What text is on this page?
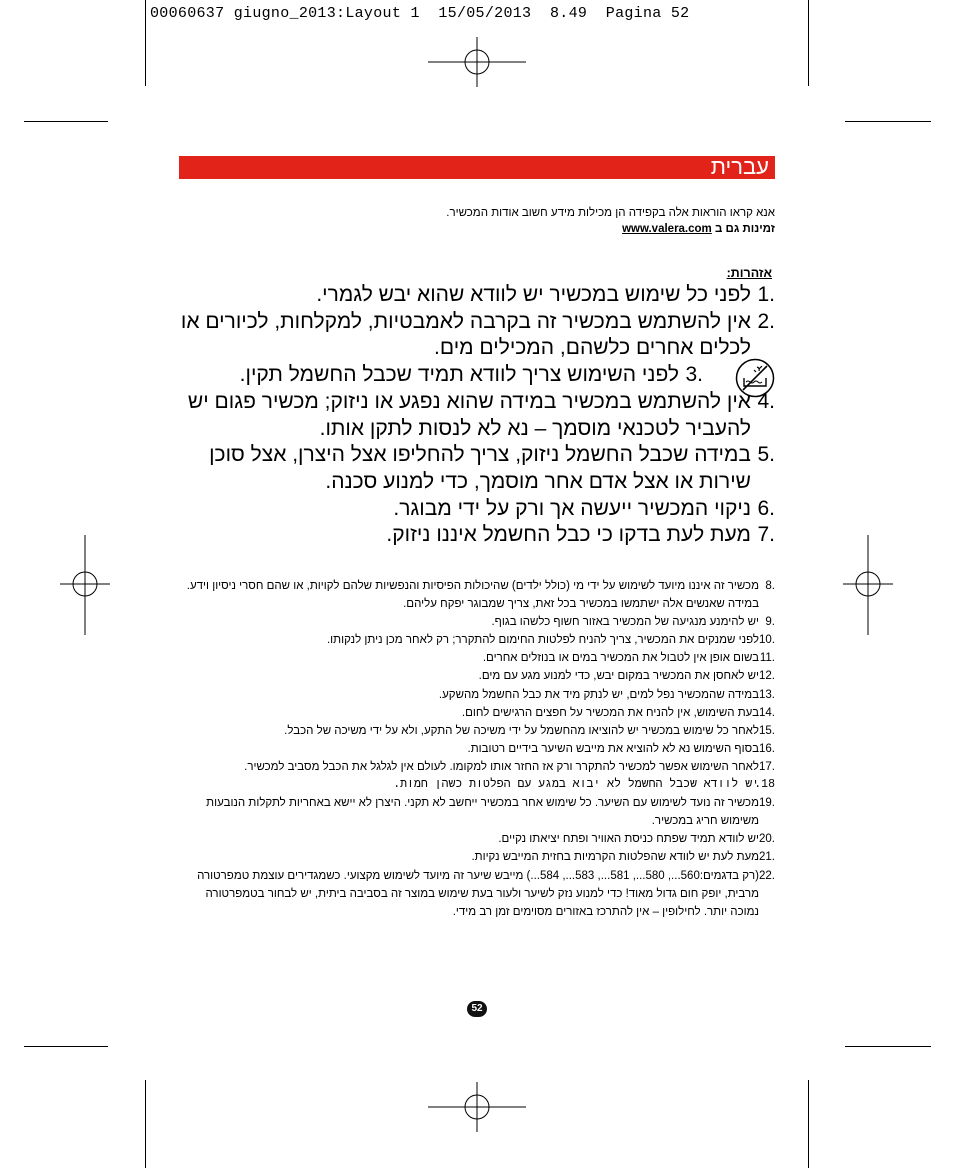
00060637 giugno_2013:Layout 1  15/05/2013  8.49  Pagina 52
עברית
אנא קראו הוראות אלה בקפידה הן מכילות מידע חשוב אודות המכשיר.
זמינות גם ב www.valera.com
אזהרות:
1.
לפני כל שימוש במכשיר יש לוודא שהוא יבש לגמרי.
2.
אין להשתמש במכשיר זה בקרבה לאמבטיות, למקלחות, לכיורים או לכלים אחרים כלשהם, המכילים מים.
3.
לפני השימוש צריך לוודא תמיד שכבל החשמל תקין.
4.
אין להשתמש במכשיר במידה שהוא נפגע או ניזוק; מכשיר פגום יש להעביר לטכנאי מוסמך – נא לא לנסות לתקן אותו.
5.
במידה שכבל החשמל ניזוק, צריך להחליפו אצל היצרן, אצל סוכן שירות או אצל אדם אחר מוסמך, כדי למנוע סכנה.
6.
ניקוי המכשיר ייעשה אך ורק על ידי מבוגר.
7.
מעת לעת בדקו כי כבל החשמל איננו ניזוק.
8.
מכשיר זה איננו מיועד לשימוש על ידי מי (כולל ילדים) שהיכולות הפיסיות והנפשיות שלהם לקויות, או שהם חסרי ניסיון וידע. במידה שאנשים אלה ישתמשו במכשיר בכל זאת, צריך שמבוגר יפקח עליהם.
9.
יש להימנע מנגיעה של המכשיר באזור חשוף כלשהו בגוף.
10.
לפני שמנקים את המכשיר, צריך להניח לפלטות החימום להתקרר; רק לאחר מכן ניתן לנקותו.
11.
בשום אופן אין לטבול את המכשיר במים או בנוזלים אחרים.
12.
יש לאחסן את המכשיר במקום יבש, כדי למנוע מגע עם מים.
13.
במידה שהמכשיר נפל למים, יש לנתק מיד את כבל החשמל מהשקע.
14.
בעת השימוש, אין להניח את המכשיר על חפצים הרגישים לחום.
15.
לאחר כל שימוש במכשיר יש להוציאו מהחשמל על ידי משיכה של התקע, ולא על ידי משיכה של הכבל.
16.
בסוף השימוש נא לא להוציא את מייבש השיער בידיים רטובות.
17.
לאחר השימוש אפשר למכשיר להתקרר ורק אז החזר אותו למקומו. לעולם אין לגלגל את הכבל מסביב למכשיר.
.18
יש לוודא שכבל החשמל לא יבוא במגע עם הפלטות כשהן חמות.
19.
מכשיר זה נועד לשימוש עם השיער. כל שימוש אחר במכשיר ייחשב לא תקני. היצרן לא יישא באחריות לתקלות הנובעות משימוש חריג במכשיר.
20.
יש לוודא תמיד שפתח כניסת האוויר ופתח יציאתו נקיים.
21.
מעת לעת יש לוודא שהפלטות הקרמיות בחזית המייבש נקיות.
22.
(רק בדגמים:560..., 580..., 581..., 583..., 584...) מייבש שיער זה מיועד לשימוש מקצועי. כשמגדירים עוצמת טמפרטורה מרבית, יופק חום גדול מאוד! כדי למנוע נזק לשיער ולעור בעת שימוש במוצר זה בסביבה ביתית, יש לבחור בטמפרטורה נמוכה יותר. לחילופין – אין להתרכז באזורים מסוימים זמן רב מידי.
52
